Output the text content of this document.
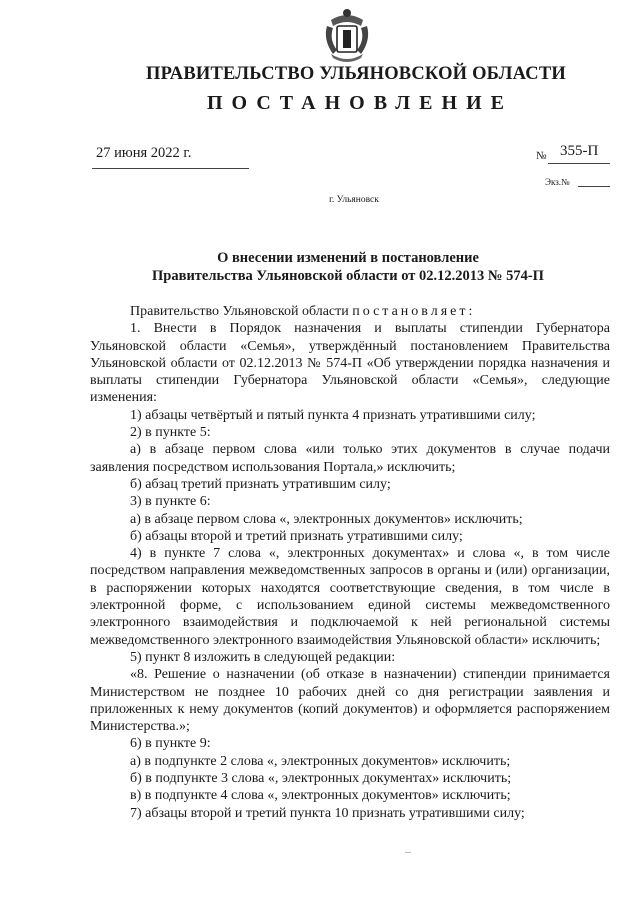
ПРАВИТЕЛЬСТВО УЛЬЯНОВСКОЙ ОБЛАСТИ
ПОСТАНОВЛЕНИЕ
27 июня 2022 г.	№ 355-П
Экз.№
г. Ульяновск
О внесении изменений в постановление
Правительства Ульяновской области от 02.12.2013 № 574-П

Правительство Ульяновской области постановляет:

1. Внести в Порядок назначения и выплаты стипендии Губернатора Ульяновской области «Семья», утверждённый постановлением Правительства Ульяновской области от 02.12.2013 № 574-П «Об утверждении порядка назначения и выплаты стипендии Губернатора Ульяновской области «Семья», следующие изменения:

1) абзацы четвёртый и пятый пункта 4 признать утратившими силу;

2) в пункте 5:

а) в абзаце первом слова «или только этих документов в случае подачи заявления посредством использования Портала,» исключить;

б) абзац третий признать утратившим силу;

3) в пункте 6:

а) в абзаце первом слова «, электронных документов» исключить;

б) абзацы второй и третий признать утратившими силу;

4) в пункте 7 слова «, электронных документах» и слова «, в том числе посредством направления межведомственных запросов в органы и (или) организации, в распоряжении которых находятся соответствующие сведения, в том числе в электронной форме, с использованием единой системы межведомственного электронного взаимодействия и подключаемой к ней региональной системы межведомственного электронного взаимодействия Ульяновской области» исключить;

5) пункт 8 изложить в следующей редакции:

«8. Решение о назначении (об отказе в назначении) стипендии принимается Министерством не позднее 10 рабочих дней со дня регистрации заявления и приложенных к нему документов (копий документов) и оформляется распоряжением Министерства.»;

6) в пункте 9:

а) в подпункте 2 слова «, электронных документов» исключить;

б) в подпункте 3 слова «, электронных документах» исключить;

в) в подпункте 4 слова «, электронных документов» исключить;

7) абзацы второй и третий пункта 10 признать утратившими силу;
